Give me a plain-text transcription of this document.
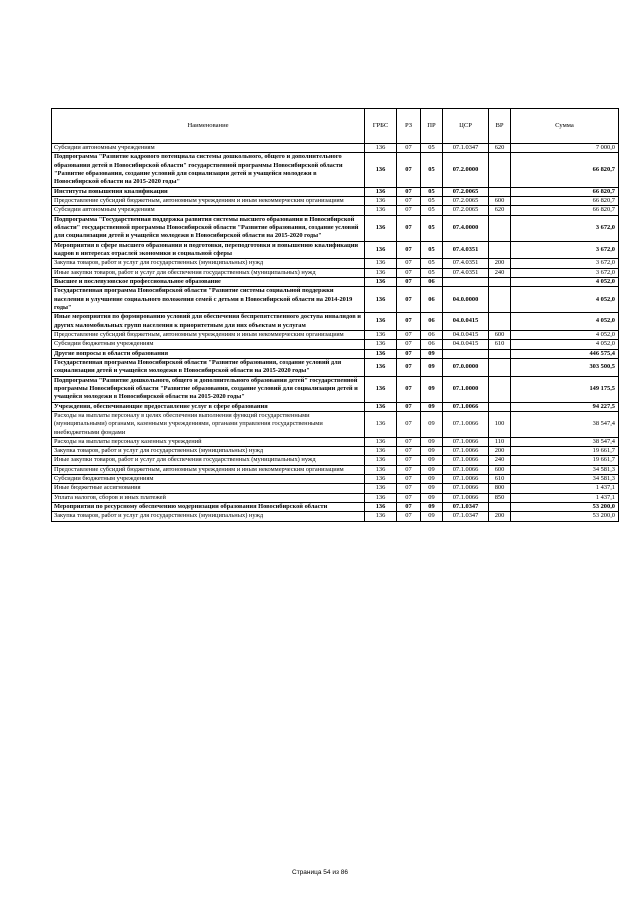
Наименование	ГРБС	РЗ	ПР	ЦСР	ВР	Сумма
Субсидии автономным учреждениям	136	07	05	07.1.0347	620	7 000,0
Подпрограмма "Развитие кадрового потенциала системы дошкольного, общего и дополнительного образования детей в Новосибирской области" государственной программы Новосибирской области "Развитие образования, создание условий для социализации детей и учащейся молодежи в Новосибирской области на 2015-2020 годы"	136	07	05	07.2.0000		66 820,7
Институты повышения квалификации	136	07	05	07.2.0065		66 820,7
Предоставление субсидий бюджетным, автономным учреждениям и иным некоммерческим организациям	136	07	05	07.2.0065	600	66 820,7
Субсидии автономным учреждениям	136	07	05	07.2.0065	620	66 820,7
Подпрограмма "Государственная поддержка развития системы высшего образования в Новосибирской области" государственной программы Новосибирской области "Развитие образования, создание условий для социализации детей и учащейся молодежи в Новосибирской области на 2015-2020 годы"	136	07	05	07.4.0000		3 672,0
Мероприятия в сфере высшего образования и подготовки, переподготовки и повышению квалификации кадров в интересах отраслей экономики и социальной сферы	136	07	05	07.4.0351		3 672,0
Закупка товаров, работ и услуг для государственных (муниципальных) нужд	136	07	05	07.4.0351	200	3 672,0
Иные закупки товаров, работ и услуг для обеспечения государственных (муниципальных) нужд	136	07	05	07.4.0351	240	3 672,0
Высшее и послевузовское профессиональное образование	136	07	06			4 052,0
Государственная программа Новосибирской области "Развитие системы социальной поддержки населения и улучшение социального положения семей с детьми в Новосибирской области на 2014-2019 годы"	136	07	06	04.0.0000		4 052,0
Иные мероприятия по формированию условий для обеспечения беспрепятственного доступа инвалидов и других маломобильных групп населения к приоритетным для них объектам и услугам	136	07	06	04.0.0415		4 052,0
Предоставление субсидий бюджетным, автономным учреждениям и иным некоммерческим организациям	136	07	06	04.0.0415	600	4 052,0
Субсидии бюджетным учреждениям	136	07	06	04.0.0415	610	4 052,0
Другие вопросы в области образования	136	07	09			446 575,4
Государственная программа Новосибирской области "Развитие образования, создание условий для социализации детей и учащейся молодежи в Новосибирской области на 2015-2020 годы"	136	07	09	07.0.0000		303 500,5
Подпрограмма "Развитие дошкольного, общего и дополнительного образования детей" государственной программы Новосибирской области "Развитие образования, создание условий для социализации детей и учащейся молодежи в Новосибирской области на 2015-2020 годы"	136	07	09	07.1.0000		149 175,5
Учреждения, обеспечивающие предоставление услуг в сфере образования	136	07	09	07.1.0066		94 227,5
Расходы на выплаты персоналу в целях обеспечения выполнения функций государственными (муниципальными) органами, казенными учреждениями, органами управления государственными внебюджетными фондами	136	07	09	07.1.0066	100	38 547,4
Расходы на выплаты персоналу казенных учреждений	136	07	09	07.1.0066	110	38 547,4
Закупка товаров, работ и услуг для государственных (муниципальных) нужд	136	07	09	07.1.0066	200	19 661,7
Иные закупки товаров, работ и услуг для обеспечения государственных (муниципальных) нужд	136	07	09	07.1.0066	240	19 661,7
Предоставление субсидий бюджетным, автономным учреждениям и иным некоммерческим организациям	136	07	09	07.1.0066	600	34 581,3
Субсидии бюджетным учреждениям	136	07	09	07.1.0066	610	34 581,3
Иные бюджетные ассигнования	136	07	09	07.1.0066	800	1 437,1
Уплата налогов, сборов и иных платежей	136	07	09	07.1.0066	850	1 437,1
Мероприятия по ресурсному обеспечению модернизации образования Новосибирской области	136	07	09	07.1.0347		53 200,0
Закупка товаров, работ и услуг для государственных (муниципальных) нужд	136	07	09	07.1.0347	200	53 200,0
Страница 54 из 86
